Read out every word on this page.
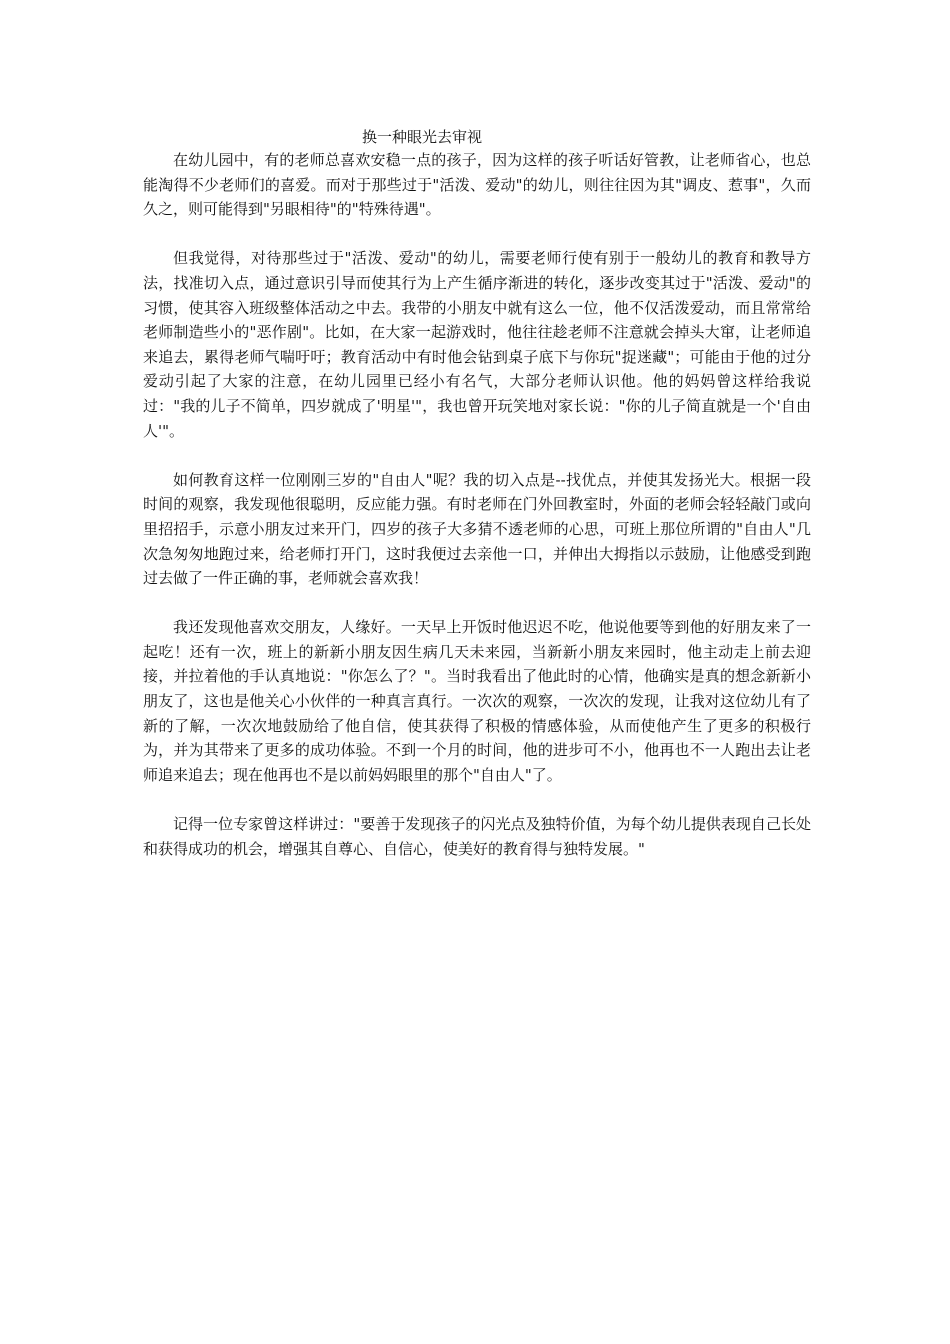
换一种眼光去审视

在幼儿园中，有的老师总喜欢安稳一点的孩子，因为这样的孩子听话好管教，让老师省心，也总能淘得不少老师们的喜爱。而对于那些过于"活泼、爱动"的幼儿，则往往因为其"调皮、惹事"，久而久之，则可能得到"另眼相待"的"特殊待遇"。

但我觉得，对待那些过于"活泼、爱动"的幼儿，需要老师行使有别于一般幼儿的教育和教导方法，找准切入点，通过意识引导而使其行为上产生循序渐进的转化，逐步改变其过于"活泼、爱动"的习惯，使其容入班级整体活动之中去。我带的小朋友中就有这么一位，他不仅活泼爱动，而且常常给老师制造些小的"恶作剧"。比如，在大家一起游戏时，他往往趁老师不注意就会掉头大窜，让老师追来追去，累得老师气喘吁吁；教育活动中有时他会钻到桌子底下与你玩"捉迷藏"；可能由于他的过分爱动引起了大家的注意，在幼儿园里已经小有名气，大部分老师认识他。他的妈妈曾这样给我说过："我的儿子不简单，四岁就成了'明星'"，我也曾开玩笑地对家长说："你的儿子简直就是一个'自由人'"。

如何教育这样一位刚刚三岁的"自由人"呢？我的切入点是--找优点，并使其发扬光大。根据一段时间的观察，我发现他很聪明，反应能力强。有时老师在门外回教室时，外面的老师会轻轻敲门或向里招招手，示意小朋友过来开门，四岁的孩子大多猜不透老师的心思，可班上那位所谓的"自由人"几次急匆匆地跑过来，给老师打开门，这时我便过去亲他一口，并伸出大拇指以示鼓励，让他感受到跑过去做了一件正确的事，老师就会喜欢我！

我还发现他喜欢交朋友，人缘好。一天早上开饭时他迟迟不吃，他说他要等到他的好朋友来了一起吃！还有一次，班上的新新小朋友因生病几天未来园，当新新小朋友来园时，他主动走上前去迎接，并拉着他的手认真地说："你怎么了？"。当时我看出了他此时的心情，他确实是真的想念新新小朋友了，这也是他关心小伙伴的一种真言真行。一次次的观察，一次次的发现，让我对这位幼儿有了新的了解，一次次地鼓励给了他自信，使其获得了积极的情感体验，从而使他产生了更多的积极行为，并为其带来了更多的成功体验。不到一个月的时间，他的进步可不小，他再也不一人跑出去让老师追来追去；现在他再也不是以前妈妈眼里的那个"自由人"了。

记得一位专家曾这样讲过："要善于发现孩子的闪光点及独特价值，为每个幼儿提供表现自己长处和获得成功的机会，增强其自尊心、自信心，使美好的教育得与独特发展。"
